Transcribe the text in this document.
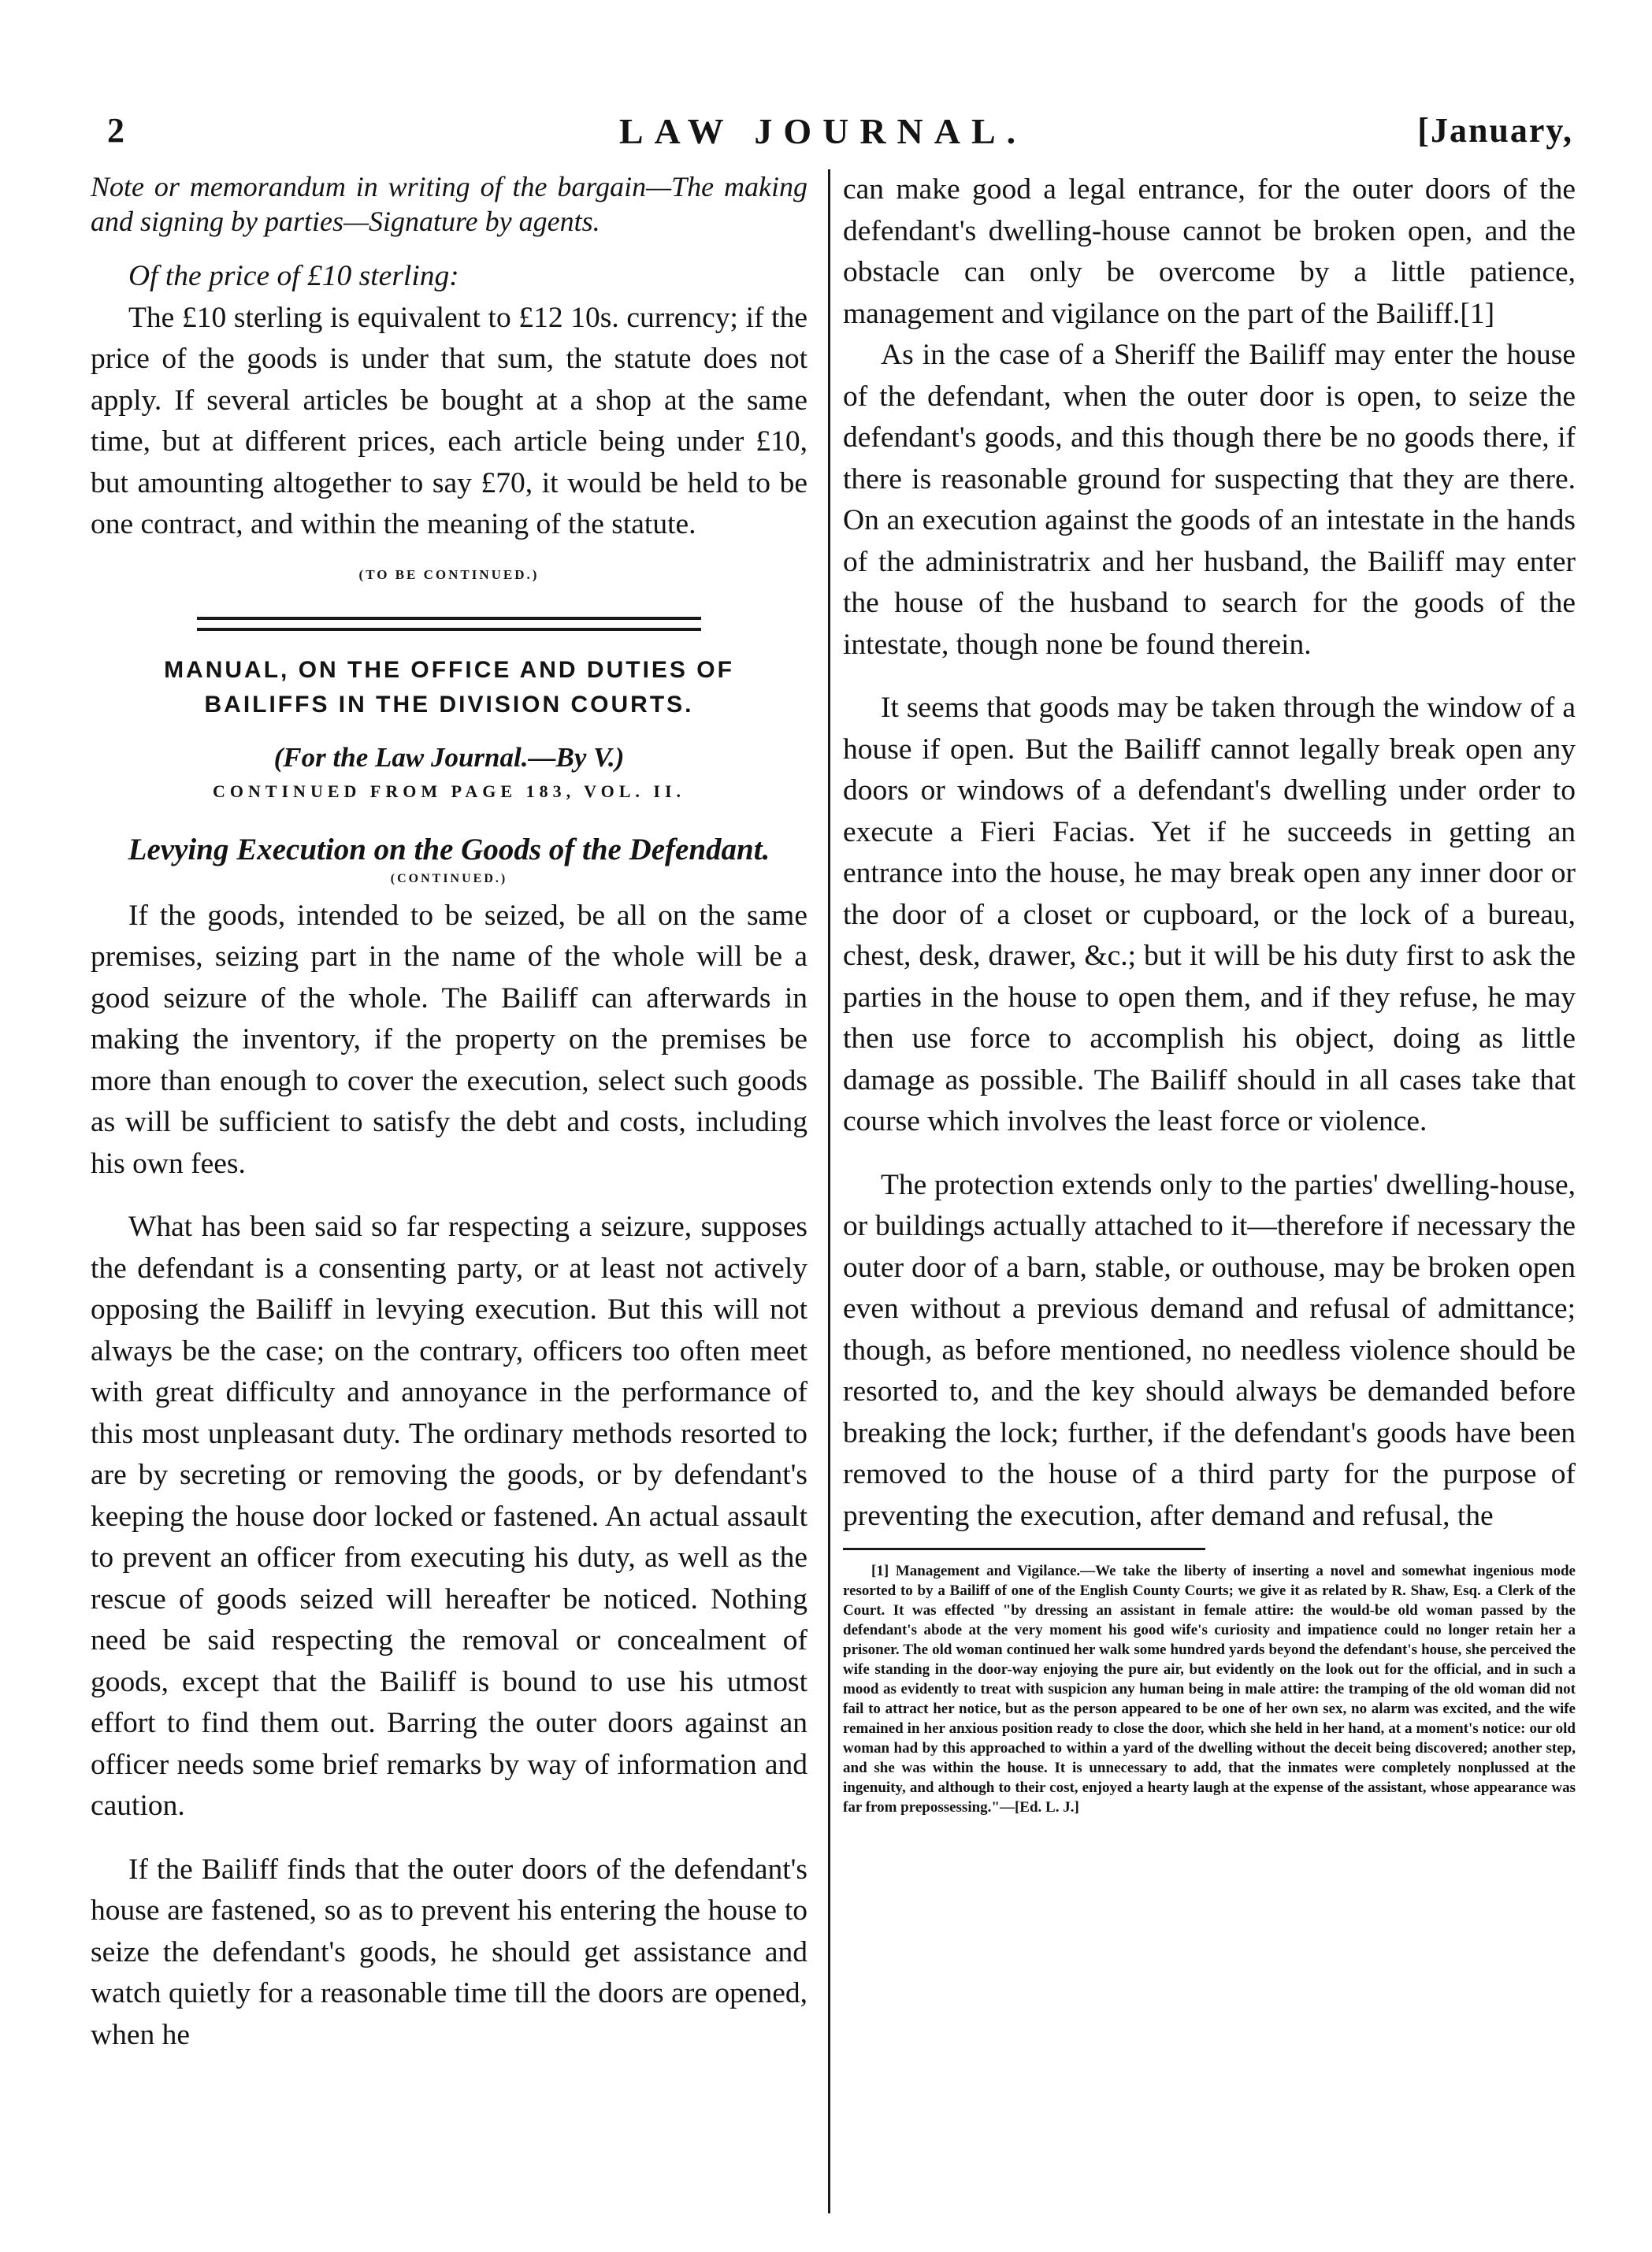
2	LAW JOURNAL.	[January,

Note or memorandum in writing of the bargain—The making and signing by parties—Signature by agents.

Of the price of £10 sterling:

The £10 sterling is equivalent to £12 10s. currency; if the price of the goods is under that sum, the statute does not apply. If several articles be bought at a shop at the same time, but at different prices, each article being under £10, but amounting altogether to say £70, it would be held to be one contract, and within the meaning of the statute.

(TO BE CONTINUED.)

MANUAL, ON THE OFFICE AND DUTIES OF
BAILIFFS IN THE DIVISION COURTS.

(For the Law Journal.—By V.)

CONTINUED FROM PAGE 183, VOL. II.

Levying Execution on the Goods of the Defendant.

(CONTINUED.)

If the goods, intended to be seized, be all on the same premises, seizing part in the name of the whole will be a good seizure of the whole. The Bailiff can afterwards in making the inventory, if the property on the premises be more than enough to cover the execution, select such goods as will be sufficient to satisfy the debt and costs, including his own fees.

What has been said so far respecting a seizure, supposes the defendant is a consenting party, or at least not actively opposing the Bailiff in levying execution. But this will not always be the case; on the contrary, officers too often meet with great difficulty and annoyance in the performance of this most unpleasant duty. The ordinary methods resorted to are by secreting or removing the goods, or by defendant's keeping the house door locked or fastened. An actual assault to prevent an officer from executing his duty, as well as the rescue of goods seized will hereafter be noticed. Nothing need be said respecting the removal or concealment of goods, except that the Bailiff is bound to use his utmost effort to find them out. Barring the outer doors against an officer needs some brief remarks by way of information and caution.

If the Bailiff finds that the outer doors of the defendant's house are fastened, so as to prevent his entering the house to seize the defendant's goods, he should get assistance and watch quietly for a reasonable time till the doors are opened, when he

can make good a legal entrance, for the outer doors of the defendant's dwelling-house cannot be broken open, and the obstacle can only be overcome by a little patience, management and vigilance on the part of the Bailiff.[1]

As in the case of a Sheriff the Bailiff may enter the house of the defendant, when the outer door is open, to seize the defendant's goods, and this though there be no goods there, if there is reasonable ground for suspecting that they are there. On an execution against the goods of an intestate in the hands of the administratrix and her husband, the Bailiff may enter the house of the husband to search for the goods of the intestate, though none be found therein.

It seems that goods may be taken through the window of a house if open. But the Bailiff cannot legally break open any doors or windows of a defendant's dwelling under order to execute a Fieri Facias. Yet if he succeeds in getting an entrance into the house, he may break open any inner door or the door of a closet or cupboard, or the lock of a bureau, chest, desk, drawer, &c.; but it will be his duty first to ask the parties in the house to open them, and if they refuse, he may then use force to accomplish his object, doing as little damage as possible. The Bailiff should in all cases take that course which involves the least force or violence.

The protection extends only to the parties' dwelling-house, or buildings actually attached to it—therefore if necessary the outer door of a barn, stable, or outhouse, may be broken open even without a previous demand and refusal of admittance; though, as before mentioned, no needless violence should be resorted to, and the key should always be demanded before breaking the lock; further, if the defendant's goods have been removed to the house of a third party for the purpose of preventing the execution, after demand and refusal, the

[1] Management and Vigilance.—We take the liberty of inserting a novel and somewhat ingenious mode resorted to by a Bailiff of one of the English County Courts; we give it as related by R. Shaw, Esq. a Clerk of the Court. It was effected "by dressing an assistant in female attire: the would-be old woman passed by the defendant's abode at the very moment his good wife's curiosity and impatience could no longer retain her a prisoner. The old woman continued her walk some hundred yards beyond the defendant's house, she perceived the wife standing in the door-way enjoying the pure air, but evidently on the look out for the official, and in such a mood as evidently to treat with suspicion any human being in male attire: the tramping of the old woman did not fail to attract her notice, but as the person appeared to be one of her own sex, no alarm was excited, and the wife remained in her anxious position ready to close the door, which she held in her hand, at a moment's notice: our old woman had by this approached to within a yard of the dwelling without the deceit being discovered; another step, and she was within the house. It is unnecessary to add, that the inmates were completely nonplussed at the ingenuity, and although to their cost, enjoyed a hearty laugh at the expense of the assistant, whose appearance was far from prepossessing."—[Ed. L. J.]
